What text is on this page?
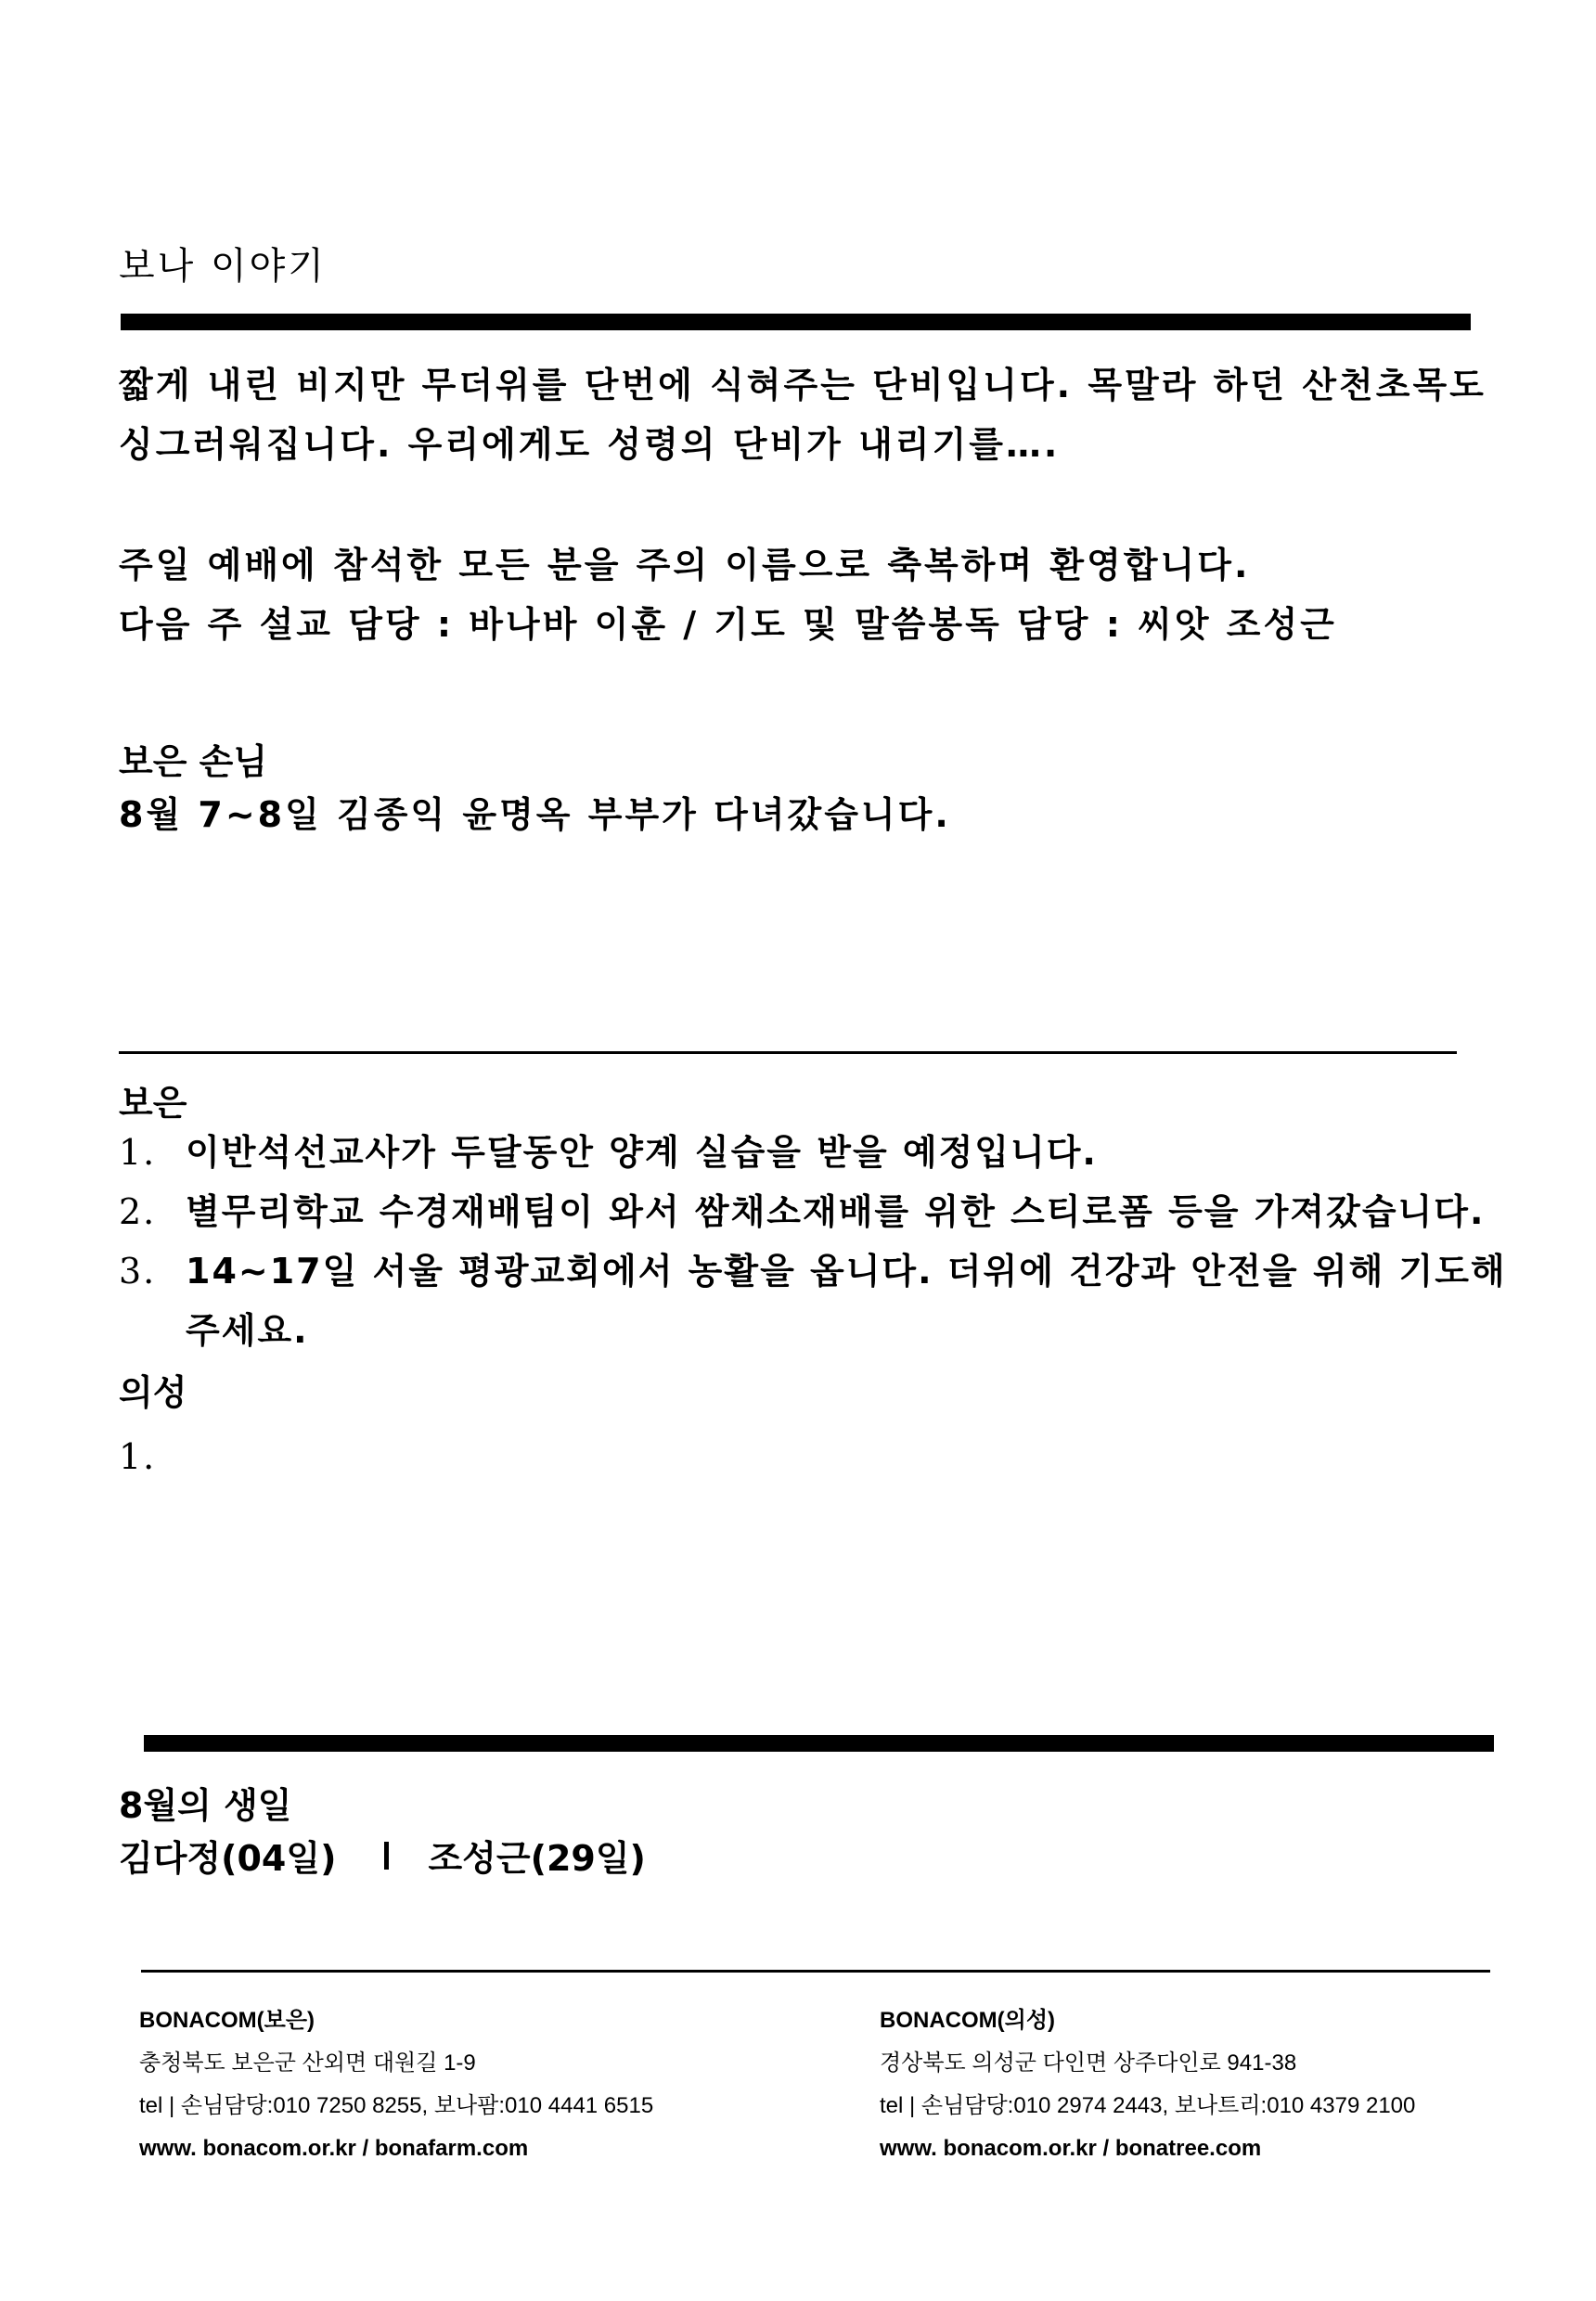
보나 이야기
짧게 내린 비지만 무더위를 단번에 식혀주는 단비입니다. 목말라 하던 산천초목도
싱그러워집니다. 우리에게도 성령의 단비가 내리기를….
주일 예배에 참석한 모든 분을 주의 이름으로 축복하며 환영합니다.
다음 주 설교 담당 : 바나바 이훈 / 기도 및 말씀봉독 담당 : 씨앗 조성근
보은 손님
8월 7~8일 김종익 윤명옥 부부가 다녀갔습니다.
보은
1. 이반석선교사가 두달동안 양계 실습을 받을 예정입니다.
2. 별무리학교 수경재배팀이 와서 쌈채소재배를 위한 스티로폼 등을 가져갔습니다.
3. 14~17일 서울 평광교회에서 농활을 옵니다. 더위에 건강과 안전을 위해 기도해
주세요.
의성
1.
8월의 생일
김다정(04일)	조성근(29일)
BONACOM(보은)
충청북도 보은군 산외면 대원길 1-9
tel | 손님담당:010 7250 8255, 보나팜:010 4441 6515
www. bonacom.or.kr / bonafarm.com
BONACOM(의성)
경상북도 의성군 다인면 상주다인로 941-38
tel | 손님담당:010 2974 2443, 보나트리:010 4379 2100
www. bonacom.or.kr / bonatree.com
